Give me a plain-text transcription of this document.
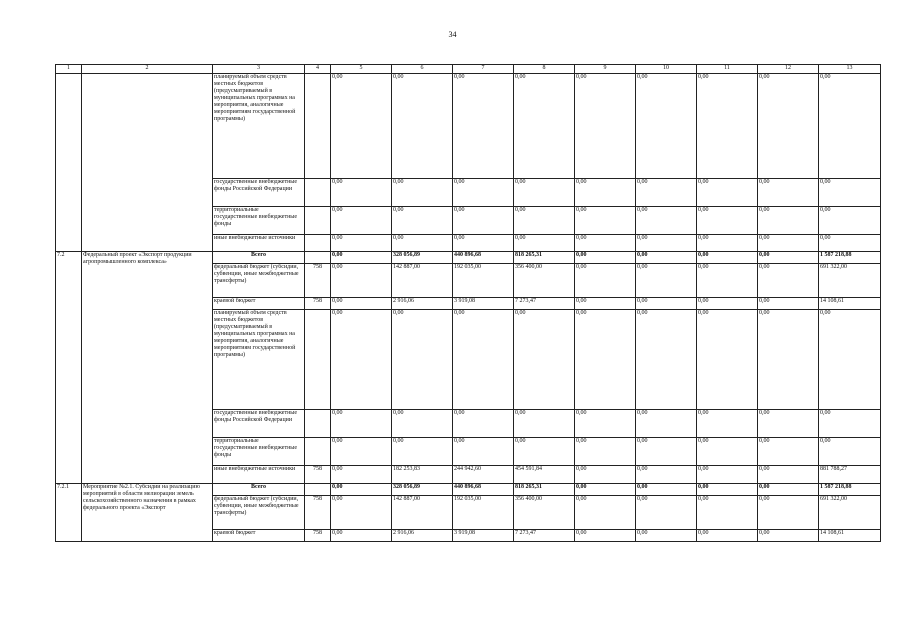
34
1	2	3	4	5	6	7	8	9	10	11	12	13
		планируемый объем средств местных бюджетов (предусматриваемый в муниципальных программах на мероприятия, аналогичные мероприятиям государственной программы)		0,00	0,00	0,00	0,00	0,00	0,00	0,00	0,00	0,00
		государственные внебюджетные фонды Российской Федерации		0,00	0,00	0,00	0,00	0,00	0,00	0,00	0,00	0,00
		территориальные государственные внебюджетные фонды		0,00	0,00	0,00	0,00	0,00	0,00	0,00	0,00	0,00
		иные внебюджетные источники		0,00	0,00	0,00	0,00	0,00	0,00	0,00	0,00	0,00
7.2	Федеральный проект «Экспорт продукции агропромышленного комплекса»	Всего		0,00	328 056,89	440 896,68	818 265,31	0,00	0,00	0,00	0,00	1 587 218,88
		федеральный бюджет (субсидии, субвенции, иные межбюджетные трансферты)	758	0,00	142 887,00	192 035,00	356 400,00	0,00	0,00	0,00	0,00	691 322,00
		краевой бюджет	758	0,00	2 916,06	3 919,08	7 273,47	0,00	0,00	0,00	0,00	14 108,61
		планируемый объем средств местных бюджетов (предусматриваемый в муниципальных программах на мероприятия, аналогичные мероприятиям государственной программы)		0,00	0,00	0,00	0,00	0,00	0,00	0,00	0,00	0,00
		государственные внебюджетные фонды Российской Федерации		0,00	0,00	0,00	0,00	0,00	0,00	0,00	0,00	0,00
		территориальные государственные внебюджетные фонды		0,00	0,00	0,00	0,00	0,00	0,00	0,00	0,00	0,00
		иные внебюджетные источники	758	0,00	182 253,83	244 942,60	454 591,84	0,00	0,00	0,00	0,00	881 788,27
7.2.1	Мероприятие №2.1. Субсидии на реализацию мероприятий в области мелиорации земель сельскохозяйственного назначения в рамках федерального проекта «Экспорт	Всего		0,00	328 056,89	440 896,68	818 265,31	0,00	0,00	0,00	0,00	1 587 218,88
		федеральный бюджет (субсидии, субвенции, иные межбюджетные трансферты)	758	0,00	142 887,00	192 035,00	356 400,00	0,00	0,00	0,00	0,00	691 322,00
		краевой бюджет	758	0,00	2 916,06	3 919,08	7 273,47	0,00	0,00	0,00	0,00	14 108,61
